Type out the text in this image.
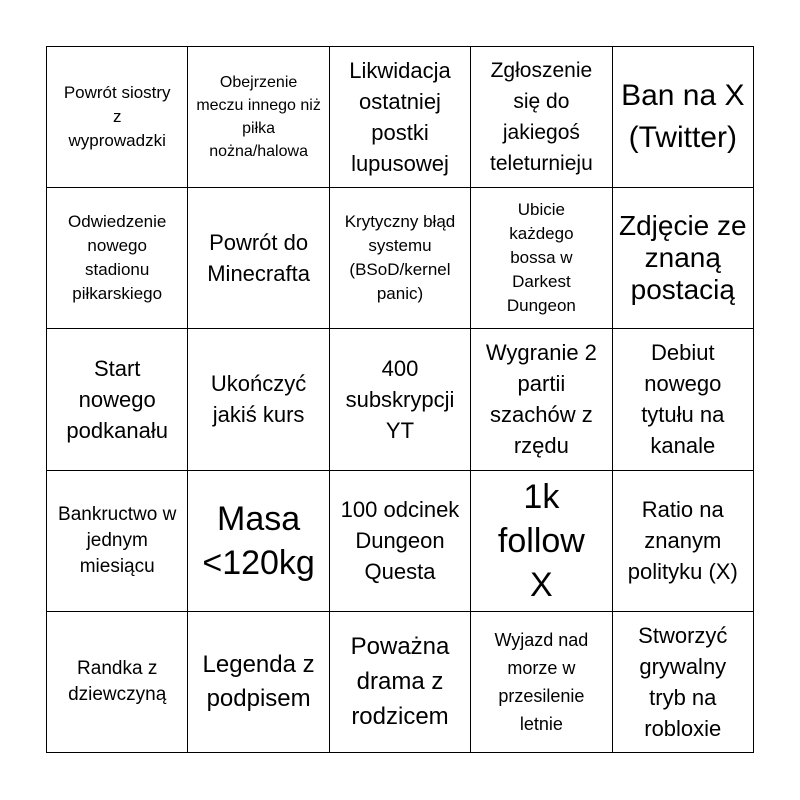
Powrót siostry z wyprowadzki
Obejrzenie meczu innego niż piłka nożna/halowa
Likwidacja ostatniej postki lupusowej
Zgłoszenie się do jakiegoś teleturnieju
Ban na X (Twitter)
Odwiedzenie nowego stadionu piłkarskiego
Powrót do Minecrafta
Krytyczny błąd systemu (BSoD/kernel panic)
Ubicie każdego bossa w Darkest Dungeon
Zdjęcie ze znaną postacią
Start nowego podkanału
Ukończyć jakiś kurs
400 subskrypcji YT
Wygranie 2 partii szachów z rzędu
Debiut nowego tytułu na kanale
Bankructwo w jednym miesiącu
Masa <120kg
100 odcinek Dungeon Questa
1k follow X
Ratio na znanym polityku (X)
Randka z dziewczyną
Legenda z podpisem
Poważna drama z rodzicem
Wyjazd nad morze w przesilenie letnie
Stworzyć grywalny tryb na robloxie
